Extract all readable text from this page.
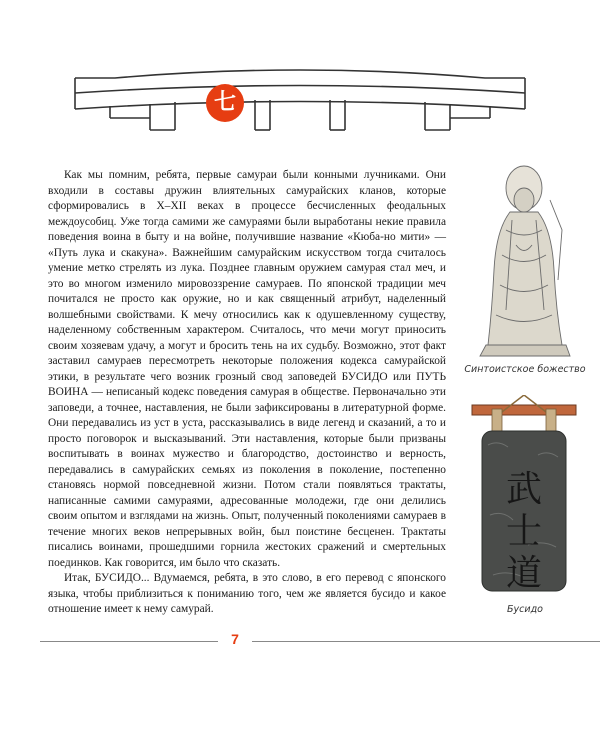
七

Как мы помним, ребята, первые самураи были конными лучниками. Они входили в составы дружин влиятельных самурайских кланов, которые сформировались в X–XII веках в процессе бесчисленных феодальных междоусобиц. Уже тогда самими же самураями были выработаны некие правила поведения воина в быту и на войне, получившие название «Кюба-но мити» — «Путь лука и скакуна». Важнейшим самурайским искусством тогда считалось умение метко стрелять из лука. Позднее главным оружием самурая стал меч, и это во многом изменило мировоззрение самураев. По японской традиции меч почитался не просто как оружие, но и как священный атрибут, наделенный волшебными свойствами. К мечу относились как к одушевленному существу, наделенному собственным характером. Считалось, что мечи могут приносить своим хозяевам удачу, а могут и бросить тень на их судьбу. Возможно, этот факт заставил самураев пересмотреть некоторые положения кодекса самурайской этики, в результате чего возник грозный свод заповедей БУСИДО или ПУТЬ ВОИНА — неписаный кодекс поведения самурая в обществе. Первоначально эти заповеди, а точнее, наставления, не были зафиксированы в литературной форме. Они передавались из уст в уста, рассказывались в виде легенд и сказаний, а то и просто поговорок и высказываний. Эти наставления, которые были призваны воспитывать в воинах мужество и благородство, достоинство и верность, передавались в самурайских семьях из поколения в поколение, постепенно становясь нормой повседневной жизни. Потом стали появляться трактаты, написанные самими самураями, адресованные молодежи, где они делились своим опытом и взглядами на жизнь. Опыт, полученный поколениями самураев в течение многих веков непрерывных войн, был поистине бесценен. Трактаты писались воинами, прошедшими горнила жестоких сражений и смертельных поединков. Как говорится, им было что сказать.

Итак, БУСИДО... Вдумаемся, ребята, в это слово, в его перевод с японского языка, чтобы приблизиться к пониманию того, чем же является бусидо и какое отношение имеет к нему самурай.

Синтоистское божество
武
士
道
Бусидо
7
